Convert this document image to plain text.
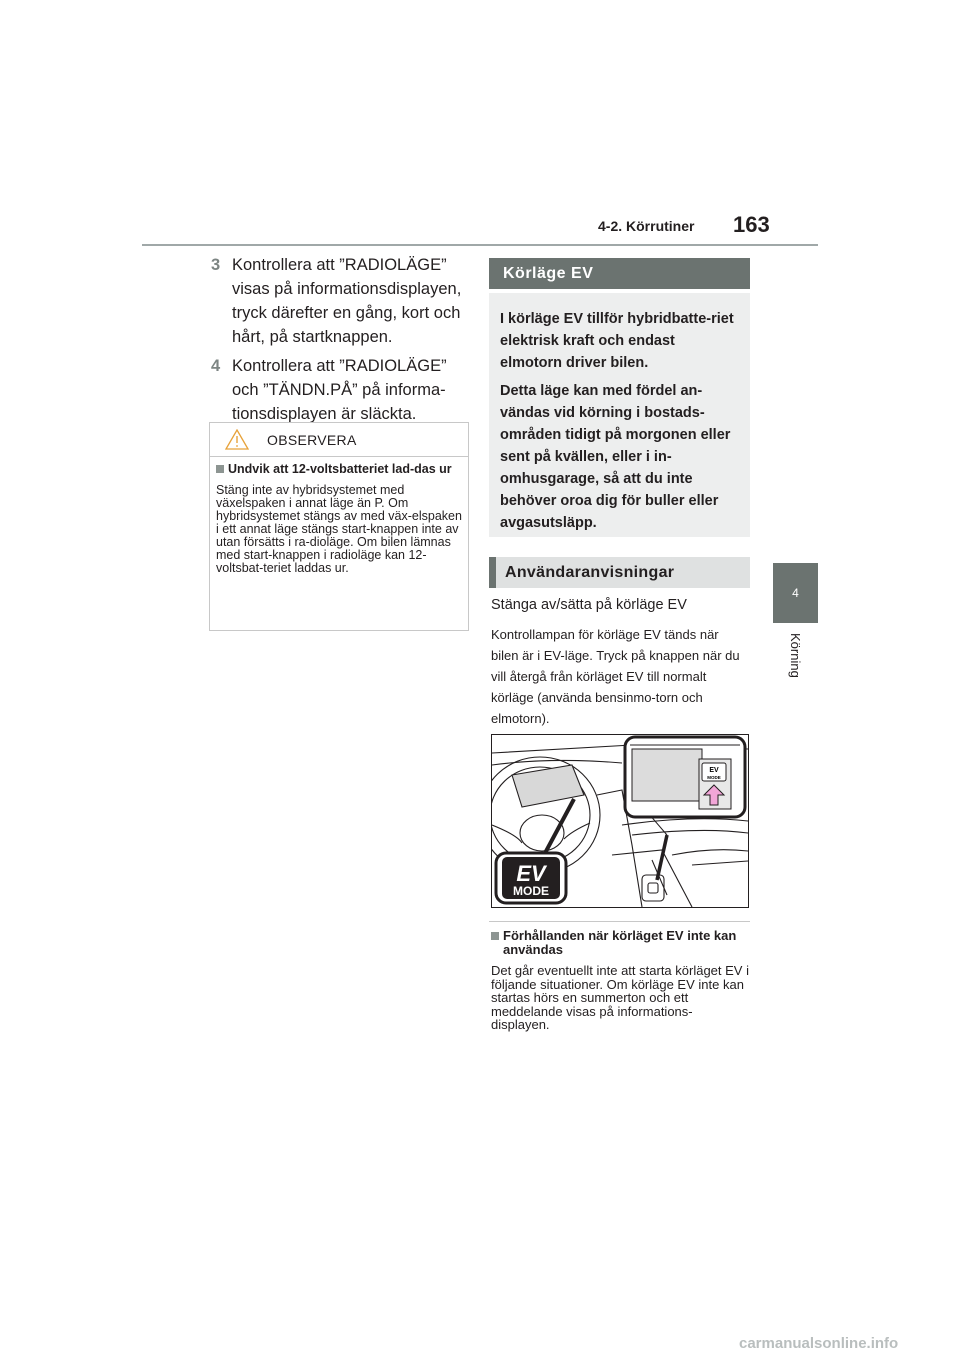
4-2. Körrutiner 163
4
Körning
3 Kontrollera att ”RADIOLÄGE” visas på informationsdisplayen, tryck därefter en gång, kort och hårt, på startknappen.
4 Kontrollera att ”RADIOLÄGE” och ”TÄNDN.PÅ” på informa-tionsdisplayen är släckta.
OBSERVERA
Undvik att 12-voltsbatteriet lad-das ur

Stäng inte av hybridsystemet med växelspaken i annat läge än P. Om hybridsystemet stängs av med väx-elspaken i ett annat läge stängs start-knappen inte av utan försätts i ra-dioläge. Om bilen lämnas med start-knappen i radioläge kan 12-voltsbat-teriet laddas ur.

Körläge EV

I körläge EV tillför hybridbatte-riet elektrisk kraft och endast elmotorn driver bilen.

Detta läge kan med fördel an-vändas vid körning i bostads-områden tidigt på morgonen eller sent på kvällen, eller i in-omhusgarage, så att du inte behöver oroa dig för buller eller avgasutsläpp.

Användaranvisningar
Stänga av/sätta på körläge EV

Kontrollampan för körläge EV tänds när bilen är i EV-läge. Tryck på knappen när du vill återgå från körläget EV till normalt körläge (använda bensinmo-torn och elmotorn).

EV
MODE
EV
MODE
Förhållanden när körläget EV inte kan användas

Det går eventuellt inte att starta körläget EV i följande situationer. Om körläge EV inte kan startas hörs en summerton och ett meddelande visas på informations-displayen.

carmanualsonline.info
